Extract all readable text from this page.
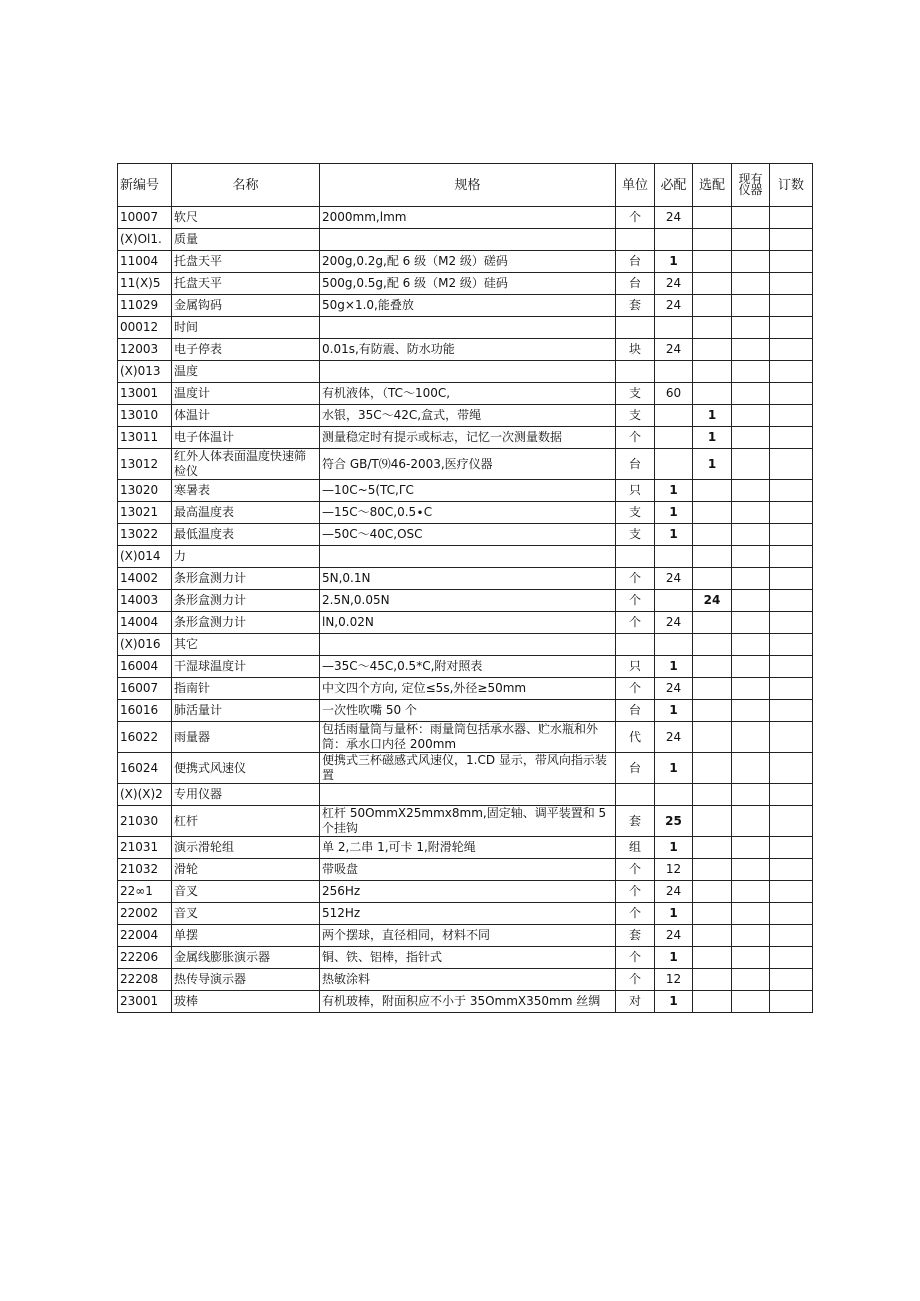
新编号	名称	规格	单位	必配	选配	现有仪器	订数
10007	软尺	2000mm,lmm	个	24			
(X)Ol1.	质量						
11004	托盘天平	200g,0.2g,配 6 级（M2 级）磋码	台	1			
11(X)5	托盘天平	500g,0.5g,配 6 级（M2 级）硅码	台	24			
11029	金属钩码	50g×1.0,能叠放	套	24			
00012	时间						
12003	电子停表	0.01s,有防震、防水功能	块	24			
(X)013	温度						
13001	温度计	有机液体，（TC～100C,	支	60			
13010	体温计	水银，35C～42C,盒式，带绳	支		1		
13011	电子体温计	测量稳定时有提示或标志，记忆一次测量数据	个		1		
13012	红外人体表面温度快速筛检仪	符合 GB/T⑼46-2003,医疗仪器	台		1		
13020	寒暑表	—10C~5(TC,ΓC	只	1			
13021	最高温度表	—15C～80C,0.5∙C	支	1			
13022	最低温度表	—50C～40C,OSC	支	1			
(X)014	力						
14002	条形盒测力计	5N,0.1N	个	24			
14003	条形盒测力计	2.5N,0.05N	个		24		
14004	条形盒测力计	lN,0.02N	个	24			
(X)016	其它						
16004	干湿球温度计	—35C～45C,0.5*C,附对照表	只	1			
16007	指南针	中文四个方向, 定位≤5s,外径≥50mm	个	24			
16016	肺活量计	一次性吹嘴 50 个	台	1			
16022	雨量器	包括雨量筒与量杯：雨量筒包括承水器、贮水瓶和外筒：承水口内径 200mm	代	24			
16024	便携式风速仪	便携式三杯磁感式风速仪，1.CD 显示，带风向指示装置	台	1			
(X)(X)2	专用仪器						
21030	杠杆	杠杆 50OmmX25mmx8mm,固定轴、调平装置和 5 个挂钩	套	25			
21031	演示滑轮组	单 2,二串 1,可卡 1,附滑轮绳	组	1			
21032	滑轮	带吸盘	个	12			
22∞1	音叉	256Hz	个	24			
22002	音叉	512Hz	个	1			
22004	单摆	两个摆球，直径相同，材料不同	套	24			
22206	金属线膨胀演示器	铜、铁、铝棒，指针式	个	1			
22208	热传导演示器	热敏涂料	个	12			
23001	玻棒	有机玻棒，附面积应不小于 35OmmX350mm 丝绸	对	1			
